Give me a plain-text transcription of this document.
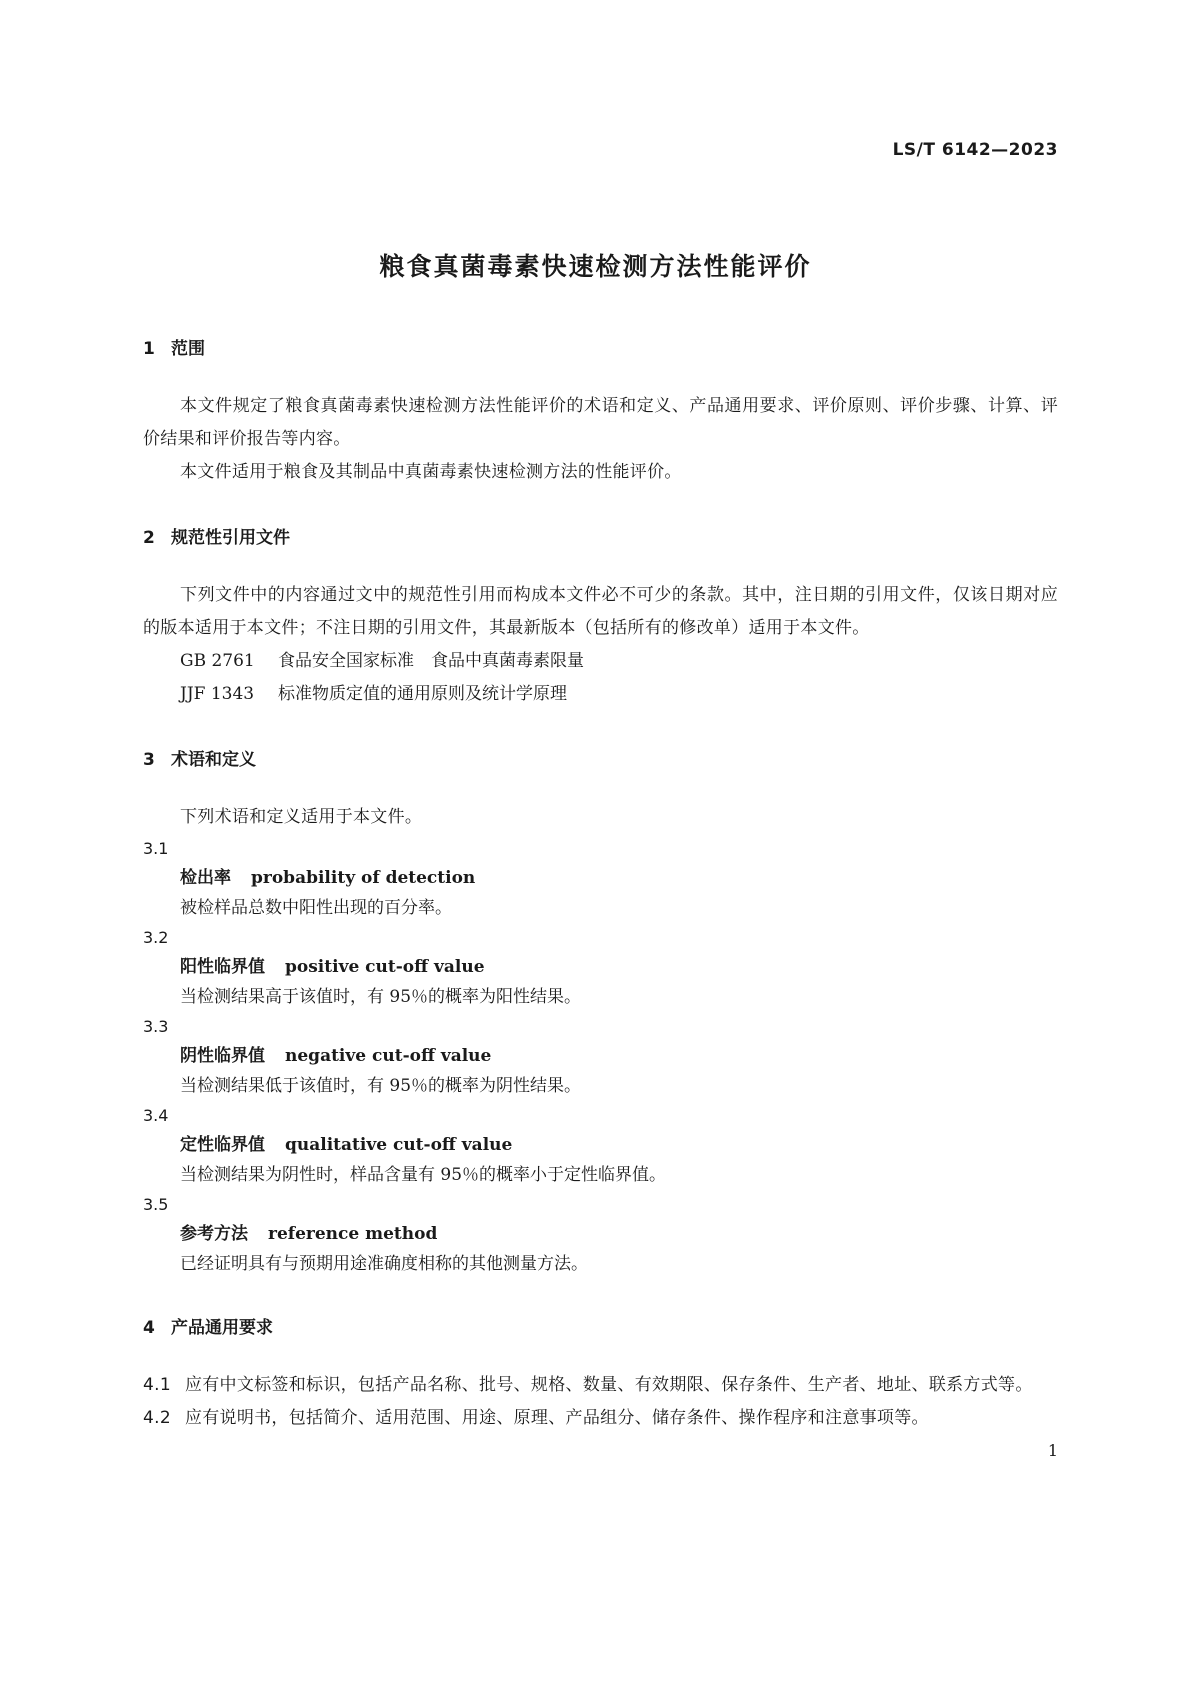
LS/T 6142—2023
粮食真菌毒素快速检测方法性能评价
1 范围

本文件规定了粮食真菌毒素快速检测方法性能评价的术语和定义、产品通用要求、评价原则、评价步骤、计算、评价结果和评价报告等内容。

本文件适用于粮食及其制品中真菌毒素快速检测方法的性能评价。

2 规范性引用文件

下列文件中的内容通过文中的规范性引用而构成本文件必不可少的条款。其中，注日期的引用文件，仅该日期对应的版本适用于本文件；不注日期的引用文件，其最新版本（包括所有的修改单）适用于本文件。

GB 2761 食品安全国家标准　食品中真菌毒素限量

JJF 1343 标准物质定值的通用原则及统计学原理

3 术语和定义

下列术语和定义适用于本文件。

3.1

检出率 probability of detection

被检样品总数中阳性出现的百分率。

3.2

阳性临界值 positive cut-off value

当检测结果高于该值时，有 95％的概率为阳性结果。

3.3

阴性临界值 negative cut-off value

当检测结果低于该值时，有 95％的概率为阴性结果。

3.4

定性临界值 qualitative cut-off value

当检测结果为阴性时，样品含量有 95％的概率小于定性临界值。

3.5

参考方法 reference method

已经证明具有与预期用途准确度相称的其他测量方法。

4 产品通用要求

4.1 应有中文标签和标识，包括产品名称、批号、规格、数量、有效期限、保存条件、生产者、地址、联系方式等。

4.2 应有说明书，包括简介、适用范围、用途、原理、产品组分、储存条件、操作程序和注意事项等。

1
